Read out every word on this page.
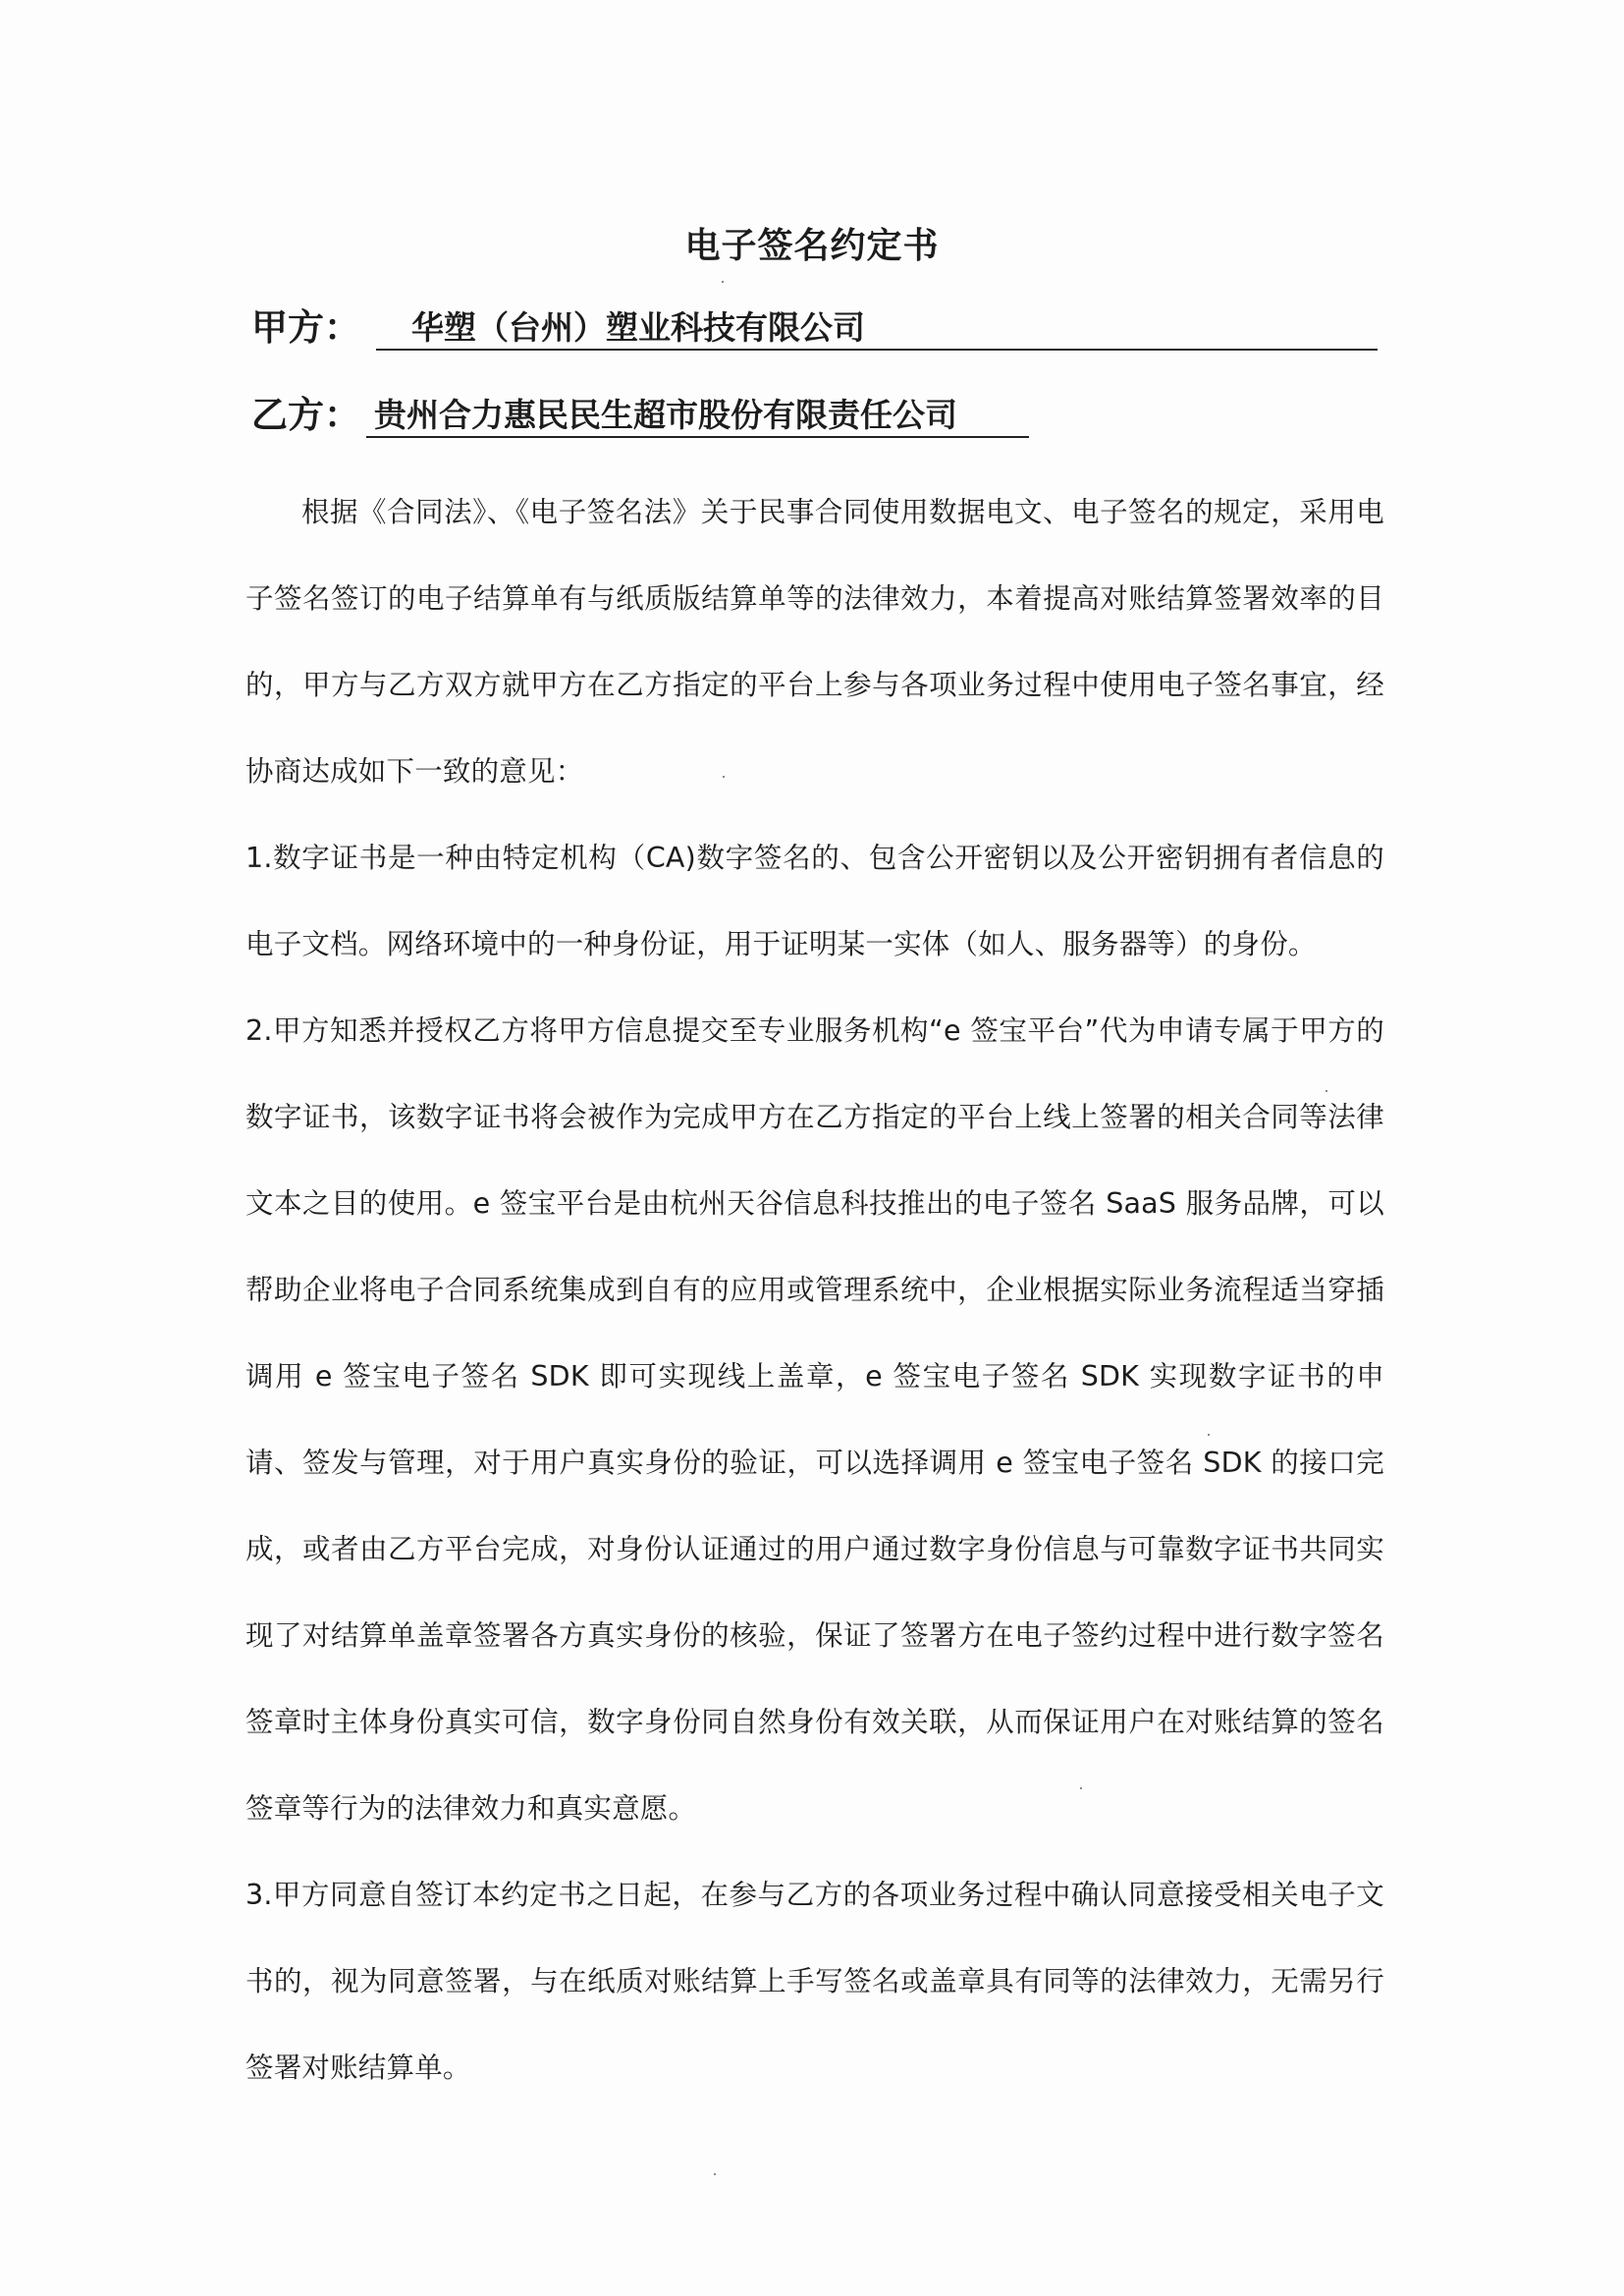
电子签名约定书
甲方：	华塑（台州）塑业科技有限公司
乙方： 贵州合力惠民民生超市股份有限责任公司

根据《合同法》、《电子签名法》关于民事合同使用数据电文、电子签名的规定，采用电子签名签订的电子结算单有与纸质版结算单等的法律效力，本着提高对账结算签署效率的目的，甲方与乙方双方就甲方在乙方指定的平台上参与各项业务过程中使用电子签名事宜，经协商达成如下一致的意见：

1.数字证书是一种由特定机构（CA)数字签名的、包含公开密钥以及公开密钥拥有者信息的电子文档。网络环境中的一种身份证，用于证明某一实体（如人、服务器等）的身份。

2.甲方知悉并授权乙方将甲方信息提交至专业服务机构“e 签宝平台”代为申请专属于甲方的数字证书，该数字证书将会被作为完成甲方在乙方指定的平台上线上签署的相关合同等法律文本之目的使用。e 签宝平台是由杭州天谷信息科技推出的电子签名 SaaS 服务品牌，可以帮助企业将电子合同系统集成到自有的应用或管理系统中，企业根据实际业务流程适当穿插调用 e 签宝电子签名 SDK 即可实现线上盖章，e 签宝电子签名 SDK 实现数字证书的申请、签发与管理，对于用户真实身份的验证，可以选择调用 e 签宝电子签名 SDK 的接口完成，或者由乙方平台完成，对身份认证通过的用户通过数字身份信息与可靠数字证书共同实现了对结算单盖章签署各方真实身份的核验，保证了签署方在电子签约过程中进行数字签名签章时主体身份真实可信，数字身份同自然身份有效关联，从而保证用户在对账结算的签名签章等行为的法律效力和真实意愿。

3.甲方同意自签订本约定书之日起，在参与乙方的各项业务过程中确认同意接受相关电子文书的，视为同意签署，与在纸质对账结算上手写签名或盖章具有同等的法律效力，无需另行签署对账结算单。
